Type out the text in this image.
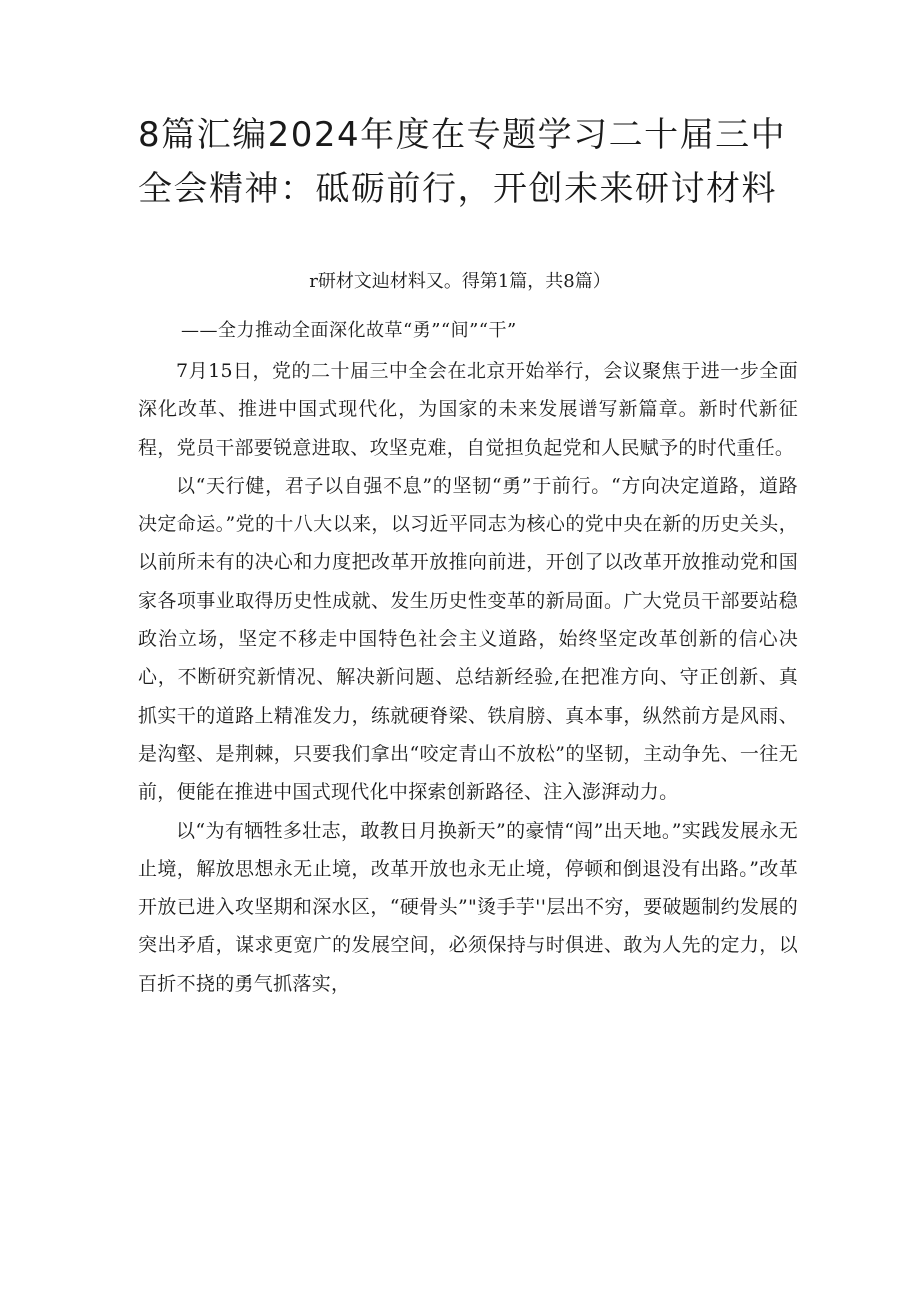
8篇汇编2024年度在专题学习二十届三中全会精神：砥砺前行，开创未来研讨材料

r研材文辿材料又。得第1篇，共8篇）

——全力推动全面深化故草“勇”“间”“干”

7月15日，党的二十届三中全会在北京开始举行，会议聚焦于进一步全面深化改革、推进中国式现代化，为国家的未来发展谱写新篇章。新时代新征程，党员干部要锐意进取、攻坚克难，自觉担负起党和人民赋予的时代重任。

以“天行健，君子以自强不息”的坚韧“勇”于前行。“方向决定道路，道路决定命运。”党的十八大以来，以习近平同志为核心的党中央在新的历史关头，以前所未有的决心和力度把改革开放推向前进，开创了以改革开放推动党和国家各项事业取得历史性成就、发生历史性变革的新局面。广大党员干部要站稳政治立场，坚定不移走中国特色社会主义道路，始终坚定改革创新的信心决心，不断研究新情况、解决新问题、总结新经验,在把准方向、守正创新、真抓实干的道路上精准发力，练就硬脊梁、铁肩膀、真本事，纵然前方是风雨、是沟壑、是荆棘，只要我们拿出“咬定青山不放松”的坚韧，主动争先、一往无前，便能在推进中国式现代化中探索创新路径、注入澎湃动力。

以“为有牺牲多壮志，敢教日月换新天”的豪情“闯”出天地。”实践发展永无止境，解放思想永无止境，改革开放也永无止境，停顿和倒退没有出路。”改革开放已进入攻坚期和深水区，“硬骨头”"烫手芋''层出不穷，要破题制约发展的突出矛盾，谋求更宽广的发展空间，必须保持与时俱进、敢为人先的定力，以百折不挠的勇气抓落实，
